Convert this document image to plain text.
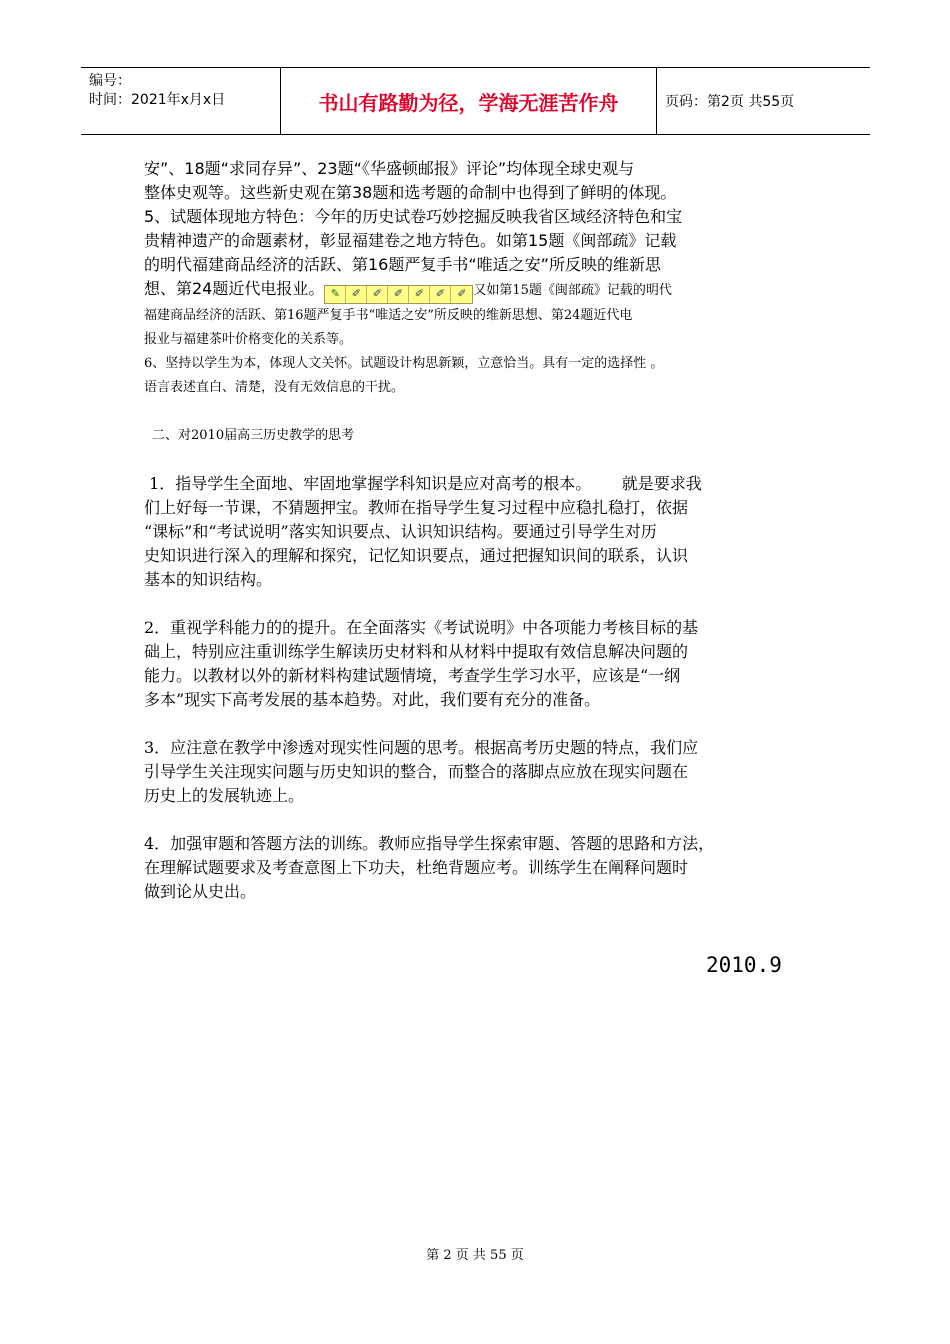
编号：
时间：2021年x月x日	书山有路勤为径，学海无涯苦作舟	页码：第2页 共55页
安”、18题“求同存异”、23题“《华盛顿邮报》评论”均体现全球史观与
整体史观等。这些新史观在第38题和选考题的命制中也得到了鲜明的体现。
5、试题体现地方特色：今年的历史试卷巧妙挖掘反映我省区域经济特色和宝
贵精神遗产的命题素材，彰显福建卷之地方特色。如第15题《闽部疏》记载
的明代福建商品经济的活跃、第16题严复手书“唯适之安”所反映的维新思
想、第24题近代电报业。 ✎	✐	✐	✐	✐	✐	✐ 又如第15题《闽部疏》记载的明代
福建商品经济的活跃、第16题严复手书“唯适之安”所反映的维新思想、第24题近代电
报业与福建茶叶价格变化的关系等。
6、坚持以学生为本，体现人文关怀。试题设计构思新颖，立意恰当。具有一定的选择性 。
语言表述直白、清楚，没有无效信息的干扰。
二、对2010届高三历史教学的思考

1．指导学生全面地、牢固地掌握学科知识是应对高考的根本。      就是要求我

们上好每一节课，不猜题押宝。教师在指导学生复习过程中应稳扎稳打，依据

“课标”和“考试说明”落实知识要点、认识知识结构。要通过引导学生对历

史知识进行深入的理解和探究，记忆知识要点，通过把握知识间的联系，认识

基本的知识结构。

2．重视学科能力的的提升。在全面落实《考试说明》中各项能力考核目标的基

础上，特别应注重训练学生解读历史材料和从材料中提取有效信息解决问题的

能力。以教材以外的新材料构建试题情境，考查学生学习水平，应该是“一纲

多本”现实下高考发展的基本趋势。对此，我们要有充分的准备。

3．应注意在教学中渗透对现实性问题的思考。根据高考历史题的特点，我们应

引导学生关注现实问题与历史知识的整合，而整合的落脚点应放在现实问题在

历史上的发展轨迹上。

4．加强审题和答题方法的训练。教师应指导学生探索审题、答题的思路和方法，

在理解试题要求及考查意图上下功夫，杜绝背题应考。训练学生在阐释问题时

做到论从史出。

2010.9
第 2 页 共 55 页
